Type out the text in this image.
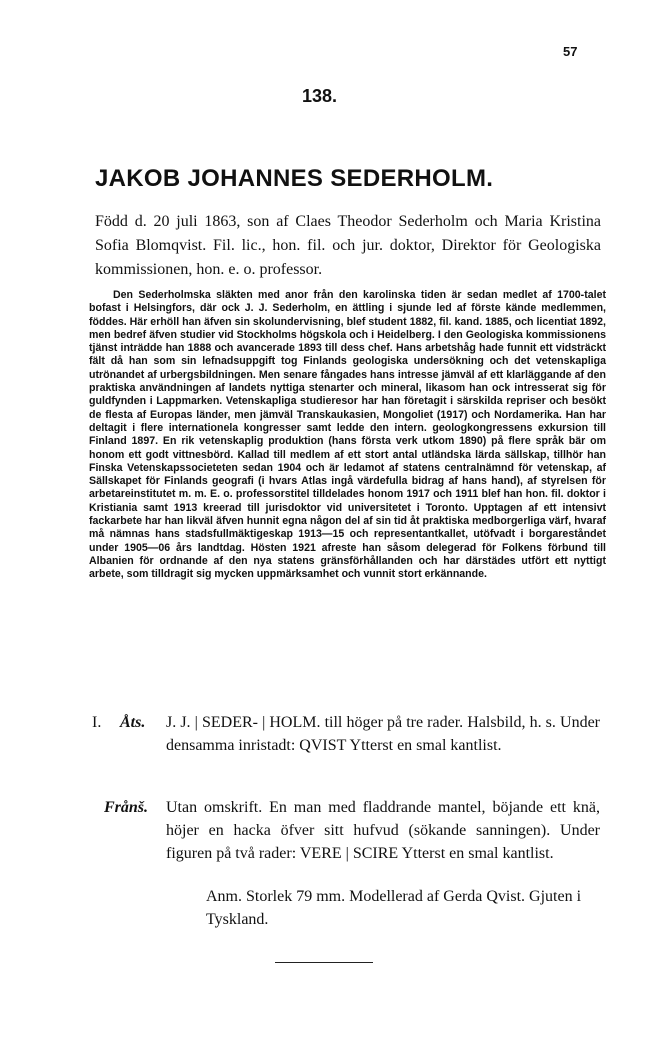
57
138.
JAKOB JOHANNES SEDERHOLM.
Född d. 20 juli 1863, son af Claes Theodor Sederholm och Maria Kristina Sofia Blomqvist. Fil. lic., hon. fil. och jur. doktor, Direktor för Geologiska kommissionen, hon. e. o. professor.
Den Sederholmska släkten med anor från den karolinska tiden är sedan medlet af 1700-talet bofast i Helsingfors, där ock J. J. Sederholm, en ättling i sjunde led af förste kände medlemmen, föddes. Här erhöll han äfven sin skolundervisning, blef student 1882, fil. kand. 1885, och licentiat 1892, men bedref äfven studier vid Stockholms högskola och i Heidelberg. I den Geologiska kommissionens tjänst inträdde han 1888 och avancerade 1893 till dess chef. Hans arbetshåg hade funnit ett vidsträckt fält då han som sin lefnadsuppgift tog Finlands geologiska undersökning och det vetenskapliga utrönandet af urbergsbildningen. Men senare fångades hans intresse jämväl af ett klarläggande af den praktiska användningen af landets nyttiga stenarter och mineral, likasom han ock intresserat sig för guldfynden i Lappmarken. Vetenskapliga studieresor har han företagit i särskilda repriser och besökt de flesta af Europas länder, men jämväl Transkaukasien, Mongoliet (1917) och Nordamerika. Han har deltagit i flere internationela kongresser samt ledde den intern. geologkongressens exkursion till Finland 1897. En rik vetenskaplig produktion (hans första verk utkom 1890) på flere språk bär om honom ett godt vittnesbörd. Kallad till medlem af ett stort antal utländska lärda sällskap, tillhör han Finska Vetenskapssocieteten sedan 1904 och är ledamot af statens centralnämnd för vetenskap, af Sällskapet för Finlands geografi (i hvars Atlas ingå värdefulla bidrag af hans hand), af styrelsen för arbetareinstitutet m. m. E. o. professorstitel tilldelades honom 1917 och 1911 blef han hon. fil. doktor i Kristiania samt 1913 kreerad till jurisdoktor vid universitetet i Toronto. Upptagen af ett intensivt fackarbete har han likväl äfven hunnit egna någon del af sin tid åt praktiska medborgerliga värf, hvaraf må nämnas hans stadsfullmäktigeskap 1913—15 och representantkallet, utöfvadt i borgareståndet under 1905—06 års landtdag. Hösten 1921 afreste han såsom delegerad för Folkens förbund till Albanien för ordnande af den nya statens gränsförhållanden och har därstädes utfört ett nyttigt arbete, som tilldragit sig mycken uppmärksamhet och vunnit stort erkännande.
I. Åts. J. J. | SEDER- | HOLM. till höger på tre rader. Halsbild, h. s. Under densamma inristadt: QVIST Ytterst en smal kantlist.
Frånš. Utan omskrift. En man med fladdrande mantel, böjande ett knä, höjer en hacka öfver sitt hufvud (sökande sanningen). Under figuren på två rader: VERE | SCIRE Ytterst en smal kantlist.
Anm. Storlek 79 mm. Modellerad af Gerda Qvist. Gjuten i Tyskland.
